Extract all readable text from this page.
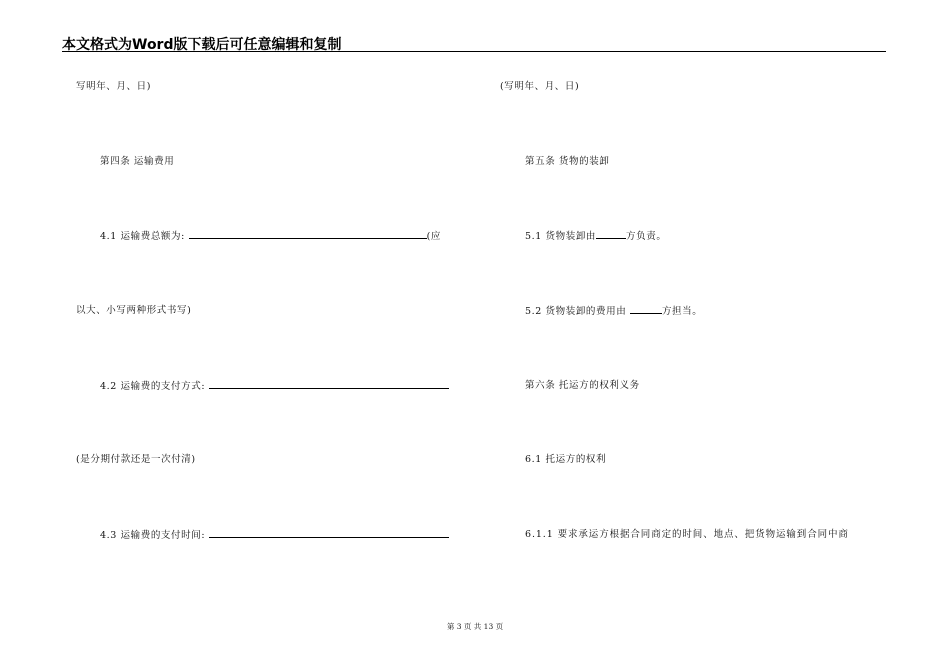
本文格式为Word版下载后可任意编辑和复制
写明年、月、日)
第四条 运输费用
4.1 运输费总额为:	(应
以大、小写两种形式书写)
4.2 运输费的支付方式:
(是分期付款还是一次付清)
4.3 运输费的支付时间:
(写明年、月、日)
第五条 货物的装卸
5.1 货物装卸由	方负责。
5.2 货物装卸的费用由	方担当。
第六条 托运方的权利义务
6.1 托运方的权利
6.1.1 要求承运方根据合同商定的时间、地点、把货物运输到合同中商
第 3 页 共 13 页
